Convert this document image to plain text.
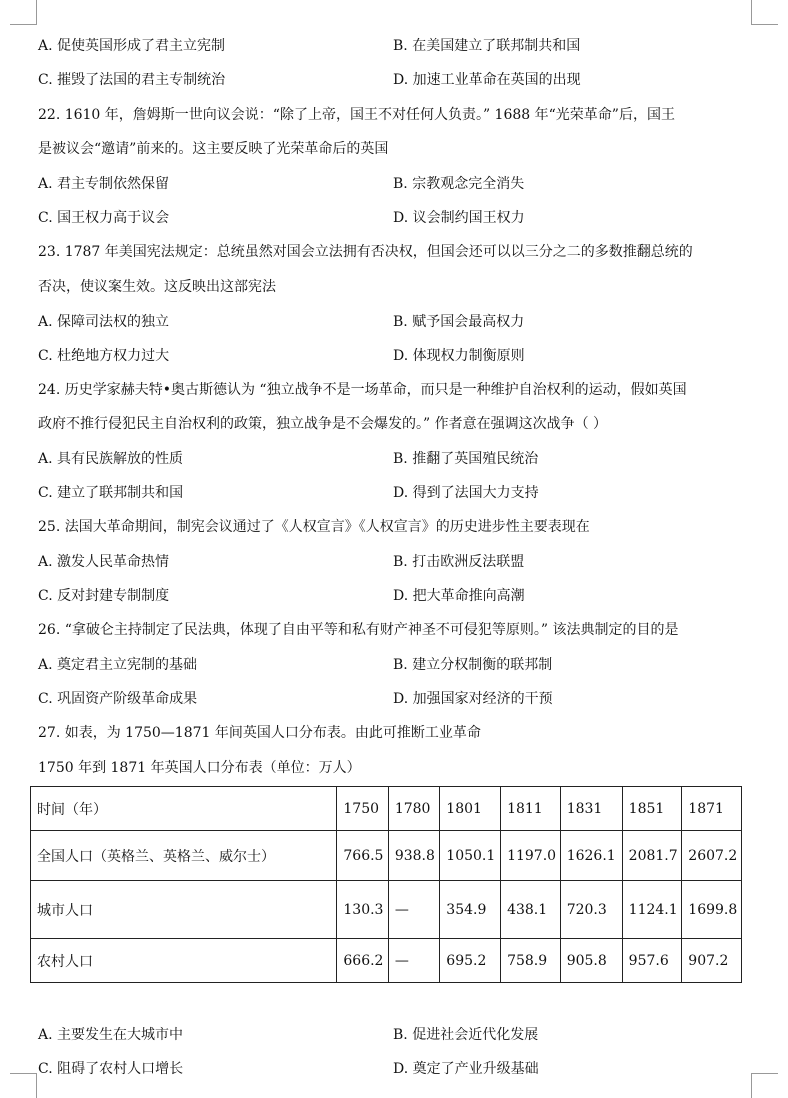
A. 促使英国形成了君主立宪制	B. 在美国建立了联邦制共和国
C. 摧毁了法国的君主专制统治	D. 加速工业革命在英国的出现
22. 1610 年，詹姆斯一世向议会说：“除了上帝，国王不对任何人负责。” 1688 年“光荣革命”后，国王
是被议会“邀请”前来的。这主要反映了光荣革命后的英国
A. 君主专制依然保留	B. 宗教观念完全消失
C. 国王权力高于议会	D. 议会制约国王权力
23. 1787 年美国宪法规定：总统虽然对国会立法拥有否决权，但国会还可以以三分之二的多数推翻总统的
否决，使议案生效。这反映出这部宪法
A. 保障司法权的独立	B. 赋予国会最高权力
C. 杜绝地方权力过大	D. 体现权力制衡原则
24. 历史学家赫夫特•奥古斯德认为 “独立战争不是一场革命，而只是一种维护自治权利的运动，假如英国
政府不推行侵犯民主自治权利的政策，独立战争是不会爆发的。” 作者意在强调这次战争（ ）
A. 具有民族解放的性质	B. 推翻了英国殖民统治
C. 建立了联邦制共和国	D. 得到了法国大力支持
25. 法国大革命期间，制宪会议通过了《人权宣言》《人权宣言》的历史进步性主要表现在
A. 激发人民革命热情	B. 打击欧洲反法联盟
C. 反对封建专制制度	D. 把大革命推向高潮
26. “拿破仑主持制定了民法典，体现了自由平等和私有财产神圣不可侵犯等原则。” 该法典制定的目的是
A. 奠定君主立宪制的基础	B. 建立分权制衡的联邦制
C. 巩固资产阶级革命成果	D. 加强国家对经济的干预
27. 如表，为 1750—1871 年间英国人口分布表。由此可推断工业革命
1750 年到 1871 年英国人口分布表（单位：万人）
时间（年）	1750	1780	1801	1811	1831	1851	1871
全国人口（英格兰、英格兰、威尔士）	766.5	938.8	1050.1	1197.0	1626.1	2081.7	2607.2
城市人口	130.3	—	354.9	438.1	720.3	1124.1	1699.8
农村人口	666.2	—	695.2	758.9	905.8	957.6	907.2
A. 主要发生在大城市中	B. 促进社会近代化发展
C. 阻碍了农村人口增长	D. 奠定了产业升级基础
